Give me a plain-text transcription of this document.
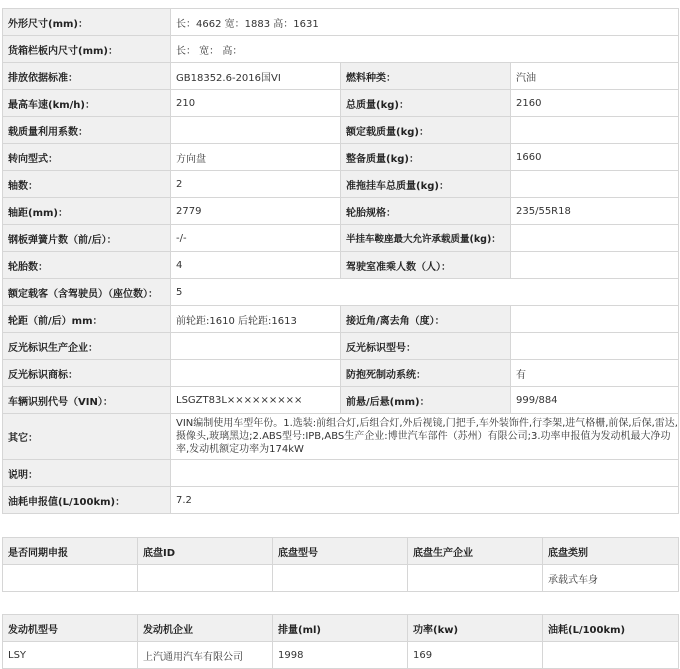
外形尺寸(mm)：	长：4662 宽：1883 高：1631		
货箱栏板内尺寸(mm)：	长： 宽： 高：		
排放依据标准：	GB18352.6-2016国VI	燃料种类：	汽油
最高车速(km/h)：	210	总质量(kg)：	2160
载质量利用系数：		额定载质量(kg)：	
转向型式：	方向盘	整备质量(kg)：	1660
轴数：	2	准拖挂车总质量(kg)：	
轴距(mm)：	2779	轮胎规格：	235/55R18
钢板弹簧片数（前/后）：	-/-	半挂车鞍座最大允许承载质量(kg)：	
轮胎数：	4	驾驶室准乘人数（人）：	
额定载客（含驾驶员）（座位数）：	5		
轮距（前/后）mm：	前轮距:1610 后轮距:1613	接近角/离去角（度）：	
反光标识生产企业：		反光标识型号：	
反光标识商标：		防抱死制动系统：	有
车辆识别代号（VIN）：	LSGZT83L×××××××××	前悬/后悬(mm)：	999/884
其它：	VIN编制使用车型年份。1.选装:前组合灯,后组合灯,外后视镜,门把手,车外装饰件,行李架,进气格栅,前保,后保,雷达,摄像头,玻璃黑边;2.ABS型号:IPB,ABS生产企业:博世汽车部件（苏州）有限公司;3.功率申报值为发动机最大净功率,发动机额定功率为174kW		
说明：			
油耗申报值(L/100km)：	7.2		
是否同期申报	底盘ID	底盘型号	底盘生产企业	底盘类别
				承载式车身
发动机型号	发动机企业	排量(ml)	功率(kw)	油耗(L/100km)
LSY	上汽通用汽车有限公司	1998	169	
